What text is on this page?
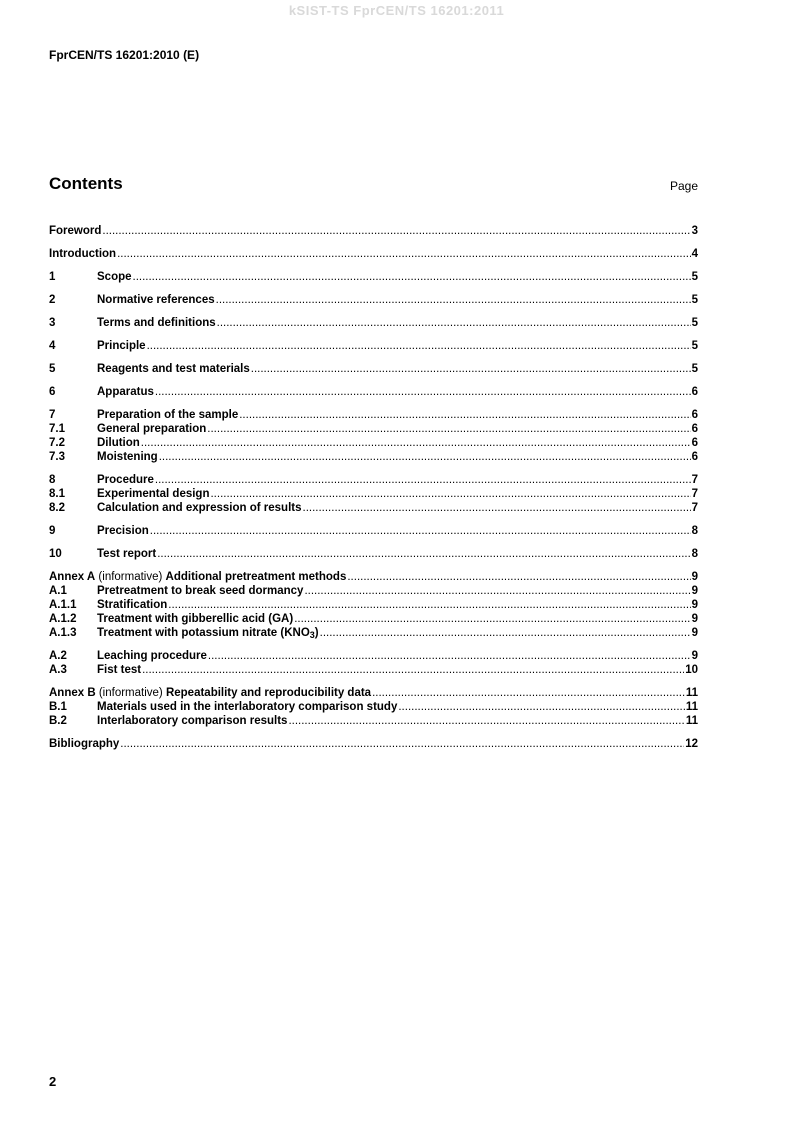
kSIST-TS FprCEN/TS 16201:2011
FprCEN/TS 16201:2010 (E)
Contents	Page
Foreword .....	3
Introduction .....	4
1	Scope .....	5
2	Normative references .....	5
3	Terms and definitions .....	5
4	Principle .....	5
5	Reagents and test materials .....	5
6	Apparatus .....	6
7	Preparation of the sample .....	6
7.1	General preparation .....	6
7.2	Dilution .....	6
7.3	Moistening .....	6
8	Procedure .....	7
8.1	Experimental design .....	7
8.2	Calculation and expression of results .....	7
9	Precision .....	8
10	Test report .....	8
Annex A (informative) Additional pretreatment methods .....	9
A.1	Pretreatment to break seed dormancy .....	9
A.1.1	Stratification .....	9
A.1.2	Treatment with gibberellic acid (GA) .....	9
A.1.3	Treatment with potassium nitrate $(KNO_3)$ .....	9
A.2	Leaching procedure .....	9
A.3	Fist test .....	10
Annex B (informative) Repeatability and reproducibility data .....	11
B.1	Materials used in the interlaboratory comparison study .....	11
B.2	Interlaboratory comparison results .....	11
Bibliography .....	12
2
